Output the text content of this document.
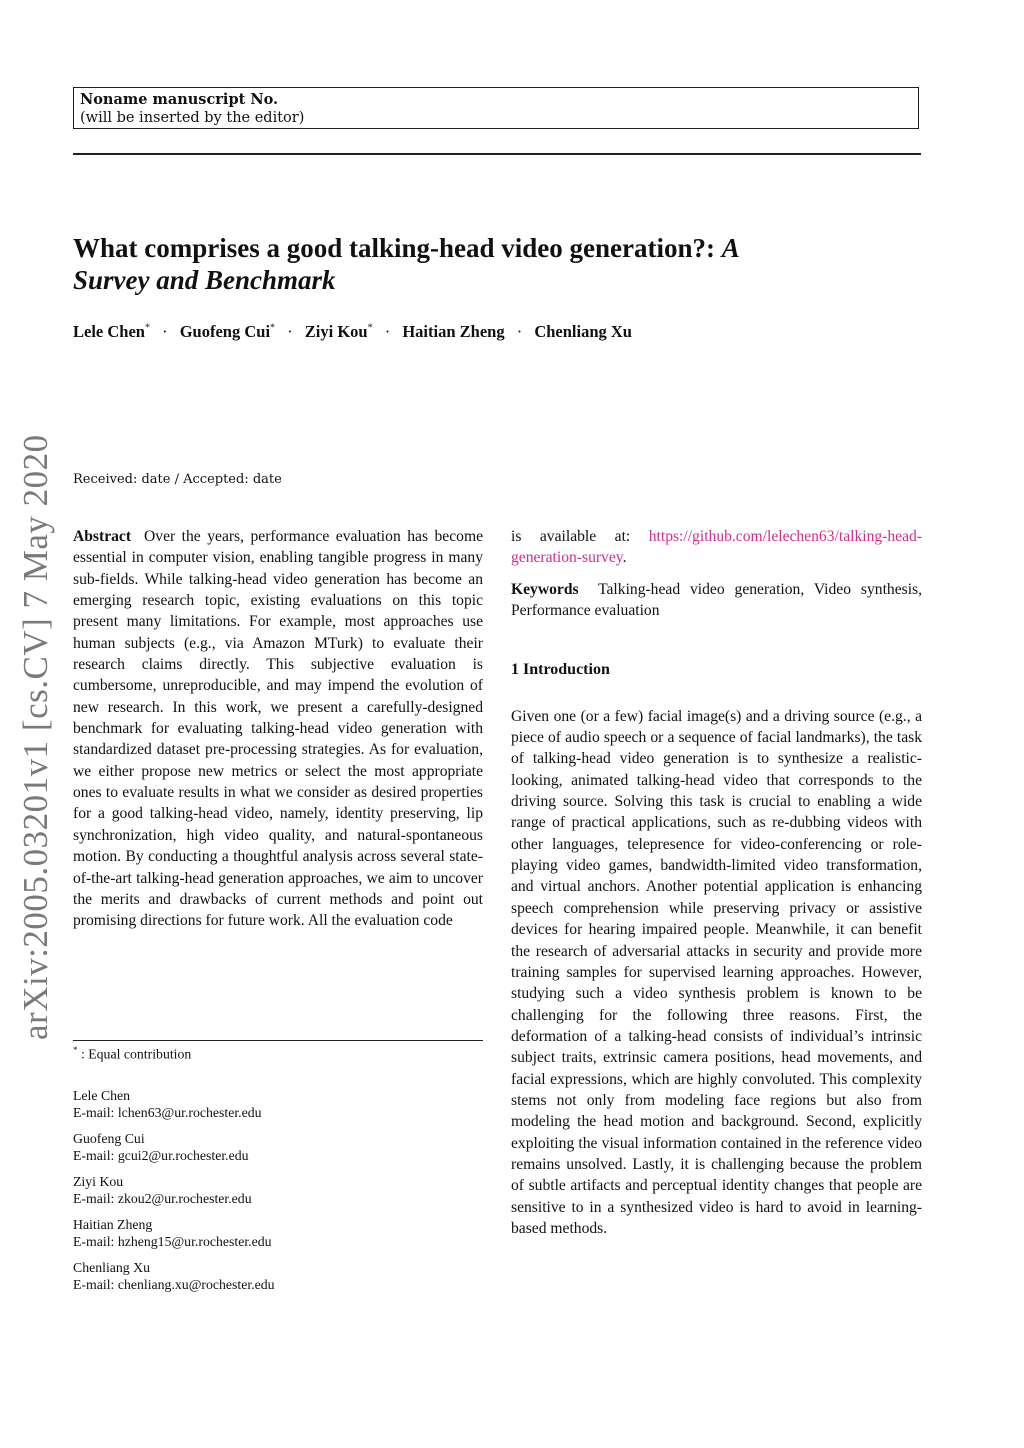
arXiv:2005.03201v1 [cs.CV] 7 May 2020
Noname manuscript No.
(will be inserted by the editor)
What comprises a good talking-head video generation?: A
Survey and Benchmark
Lele Chen* · Guofeng Cui* · Ziyi Kou* · Haitian Zheng · Chenliang Xu
Received: date / Accepted: date

Abstract Over the years, performance evaluation has become essential in computer vision, enabling tangible progress in many sub-fields. While talking-head video generation has become an emerging research topic, existing evaluations on this topic present many limitations. For example, most approaches use human subjects (e.g., via Amazon MTurk) to evaluate their research claims directly. This subjective evaluation is cumbersome, unreproducible, and may impend the evolution of new research. In this work, we present a carefully-designed benchmark for evaluating talking-head video generation with standardized dataset pre-processing strategies. As for evaluation, we either propose new metrics or select the most appropriate ones to evaluate results in what we consider as desired properties for a good talking-head video, namely, identity preserving, lip synchronization, high video quality, and natural-spontaneous motion. By conducting a thoughtful analysis across several state-of-the-art talking-head generation approaches, we aim to uncover the merits and drawbacks of current methods and point out promising directions for future work. All the evaluation code

is available at: https://github.com/lelechen63/talking-head-generation-survey.

Keywords Talking-head video generation, Video synthesis, Performance evaluation

1 Introduction

Given one (or a few) facial image(s) and a driving source (e.g., a piece of audio speech or a sequence of facial landmarks), the task of talking-head video generation is to synthesize a realistic-looking, animated talking-head video that corresponds to the driving source. Solving this task is crucial to enabling a wide range of practical applications, such as re-dubbing videos with other languages, telepresence for video-conferencing or role-playing video games, bandwidth-limited video transformation, and virtual anchors. Another potential application is enhancing speech comprehension while preserving privacy or assistive devices for hearing impaired people. Meanwhile, it can benefit the research of adversarial attacks in security and provide more training samples for supervised learning approaches. However, studying such a video synthesis problem is known to be challenging for the following three reasons. First, the deformation of a talking-head consists of individual’s intrinsic subject traits, extrinsic camera positions, head movements, and facial expressions, which are highly convoluted. This complexity stems not only from modeling face regions but also from modeling the head motion and background. Second, explicitly exploiting the visual information contained in the reference video remains unsolved. Lastly, it is challenging because the problem of subtle artifacts and perceptual identity changes that people are sensitive to in a synthesized video is hard to avoid in learning-based methods.

* : Equal contribution
Lele Chen
E-mail: lchen63@ur.rochester.edu
Guofeng Cui
E-mail: gcui2@ur.rochester.edu
Ziyi Kou
E-mail: zkou2@ur.rochester.edu
Haitian Zheng
E-mail: hzheng15@ur.rochester.edu
Chenliang Xu
E-mail: chenliang.xu@rochester.edu
